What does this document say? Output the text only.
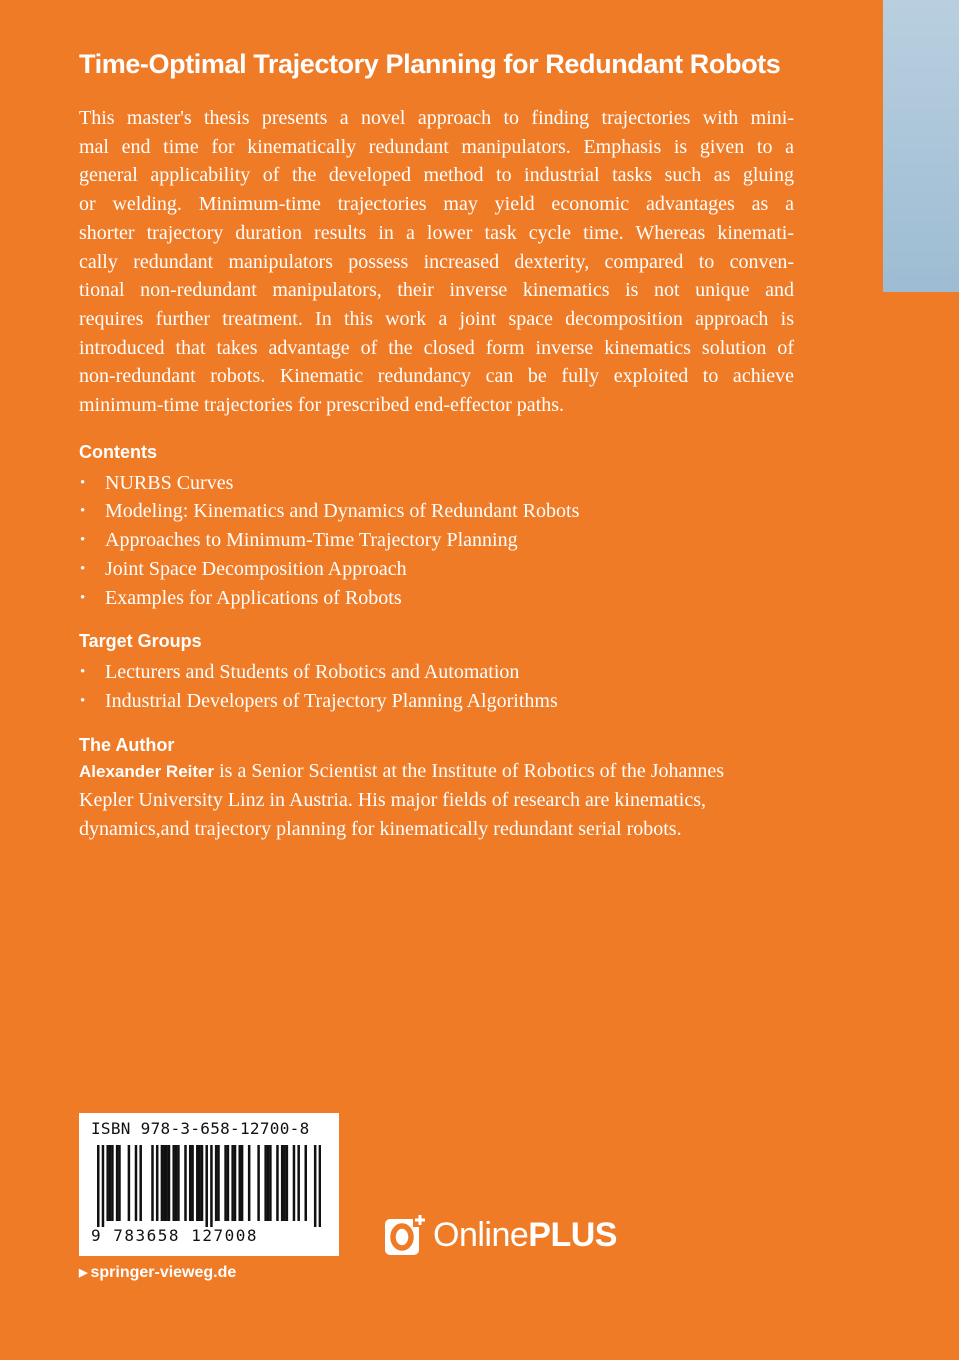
Time-Optimal Trajectory Planning for Redundant Robots

This master's thesis presents a novel approach to finding trajectories with mini-

mal end time for kinematically redundant manipulators. Emphasis is given to a

general applicability of the developed method to industrial tasks such as gluing

or welding. Minimum-time trajectories may yield economic advantages as a

shorter trajectory duration results in a lower task cycle time. Whereas kinemati-

cally redundant manipulators possess increased dexterity, compared to conven-

tional non-redundant manipulators, their inverse kinematics is not unique and

requires further treatment. In this work a joint space decomposition approach is

introduced that takes advantage of the closed form inverse kinematics solution of

non-redundant robots. Kinematic redundancy can be fully exploited to achieve

minimum-time trajectories for prescribed end-effector paths.

Contents
• NURBS Curves
• Modeling: Kinematics and Dynamics of Redundant Robots
• Approaches to Minimum-Time Trajectory Planning
• Joint Space Decomposition Approach
• Examples for Applications of Robots
Target Groups
• Lecturers and Students of Robotics and Automation
• Industrial Developers of Trajectory Planning Algorithms
The Author

Alexander Reiter is a Senior Scientist at the Institute of Robotics of the Johannes

Kepler University Linz in Austria. His major fields of research are kinematics,

dynamics,and trajectory planning for kinematically redundant serial robots.

ISBN 978-3-658-12700-8
9 783658 127008
▶ springer-vieweg.de
OnlinePLUS
